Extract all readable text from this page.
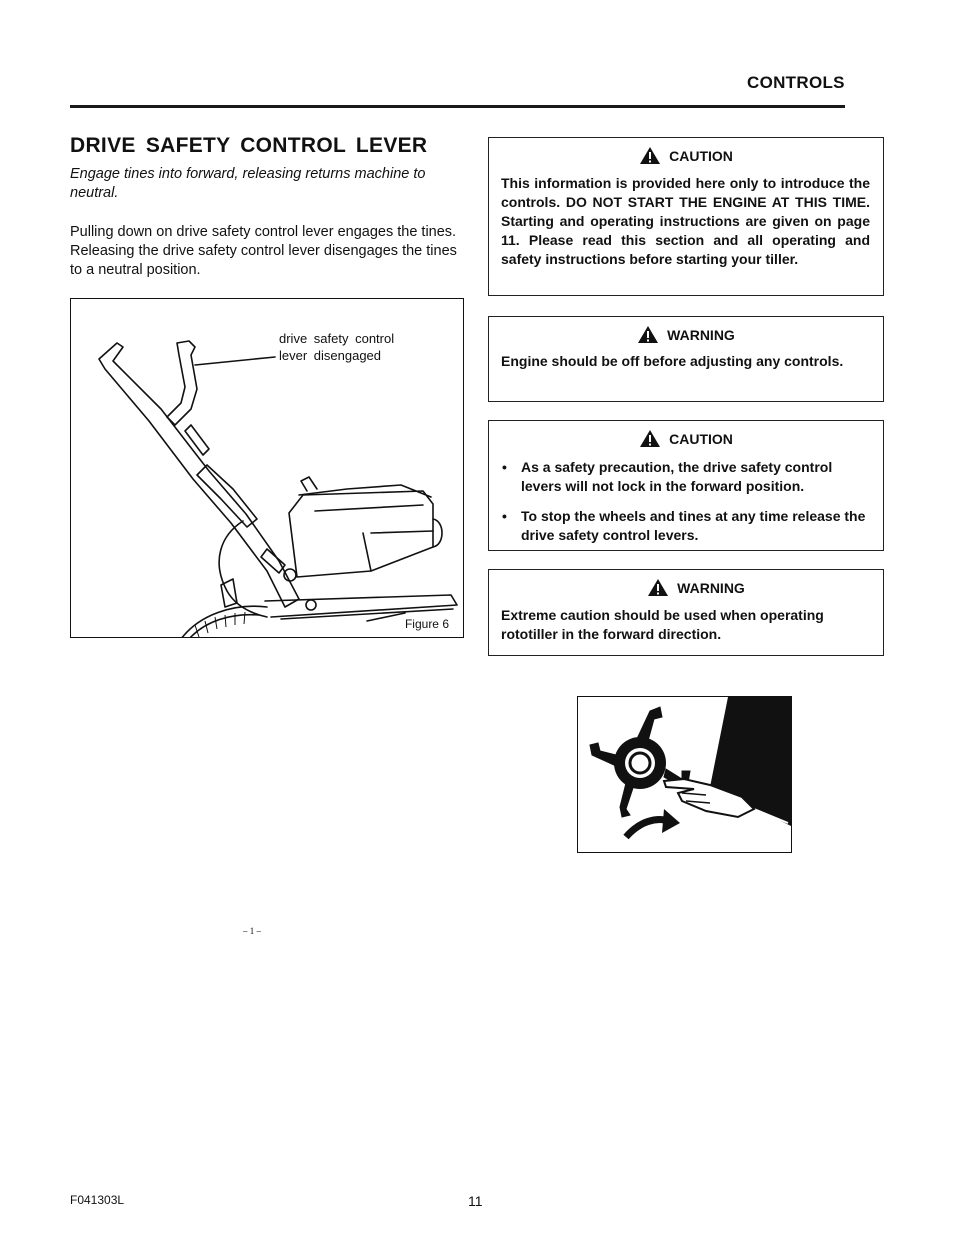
CONTROLS
DRIVE SAFETY CONTROL LEVER
Engage tines into forward, releasing returns machine to neutral.
Pulling down on drive safety control lever engages the tines. Releasing the drive safety control lever disengages the tines to a neutral position.
drive safety control
lever disengaged
Figure 6
CAUTION
This information is provided here only to introduce the controls. DO NOT START THE ENGINE AT THIS TIME. Starting and operating instructions are given on page 11. Please read this section and all operating and safety instructions before starting your tiller.
WARNING
Engine should be off before adjusting any controls.
CAUTION
• As a safety precaution, the drive safety control levers will not lock in the forward position.
• To stop the wheels and tines at any time release the drive safety control levers.
WARNING
Extreme caution should be used when operating rototiller in the forward direction.
– 1 –
F041303L	11
